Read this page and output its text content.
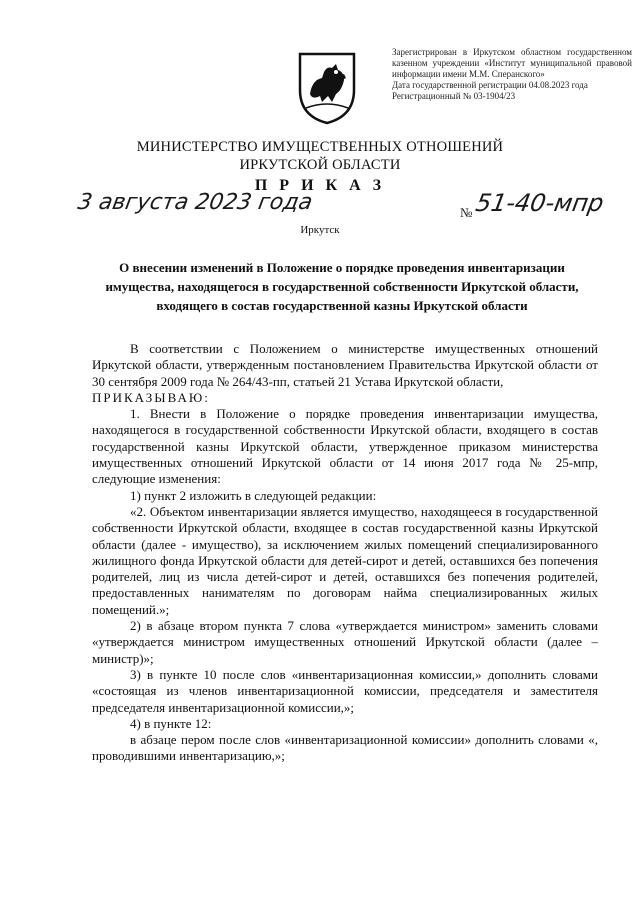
Зарегистрирован в Иркутском областном государственном казенном учреждении «Институт муниципальной правовой информации имени М.М. Сперанского»

Дата государственной регистрации 04.08.2023 года

Регистрационный № 03-1904/23

МИНИСТЕРСТВО ИМУЩЕСТВЕННЫХ ОТНОШЕНИЙ
ИРКУТСКОЙ ОБЛАСТИ
П Р И К А З
3 августа 2023 года	№ 51-40-мпр
Иркутск
О внесении изменений в Положение о порядке проведения инвентаризации имущества, находящегося в государственной собственности Иркутской области, входящего в состав государственной казны Иркутской области

В соответствии с Положением о министерстве имущественных отношений Иркутской области, утвержденным постановлением Правительства Иркутской области от 30 сентября 2009 года № 264/43-пп, статьей 21 Устава Иркутской области,

ПРИКАЗЫВАЮ:

1. Внести в Положение о порядке проведения инвентаризации имущества, находящегося в государственной собственности Иркутской области, входящего в состав государственной казны Иркутской области, утвержденное приказом министерства имущественных отношений Иркутской области от 14 июня 2017 года № 25-мпр, следующие изменения:

1) пункт 2 изложить в следующей редакции:

«2. Объектом инвентаризации является имущество, находящееся в государственной собственности Иркутской области, входящее в состав государственной казны Иркутской области (далее - имущество), за исключением жилых помещений специализированного жилищного фонда Иркутской области для детей-сирот и детей, оставшихся без попечения родителей, лиц из числа детей-сирот и детей, оставшихся без попечения родителей, предоставленных нанимателям по договорам найма специализированных жилых помещений.»;

2) в абзаце втором пункта 7 слова «утверждается министром» заменить словами «утверждается министром имущественных отношений Иркутской области (далее – министр)»;

3) в пункте 10 после слов «инвентаризационная комиссии,» дополнить словами «состоящая из членов инвентаризационной комиссии, председателя и заместителя председателя инвентаризационной комиссии,»;

4) в пункте 12:

в абзаце пером после слов «инвентаризационной комиссии» дополнить словами «, проводившими инвентаризацию,»;
